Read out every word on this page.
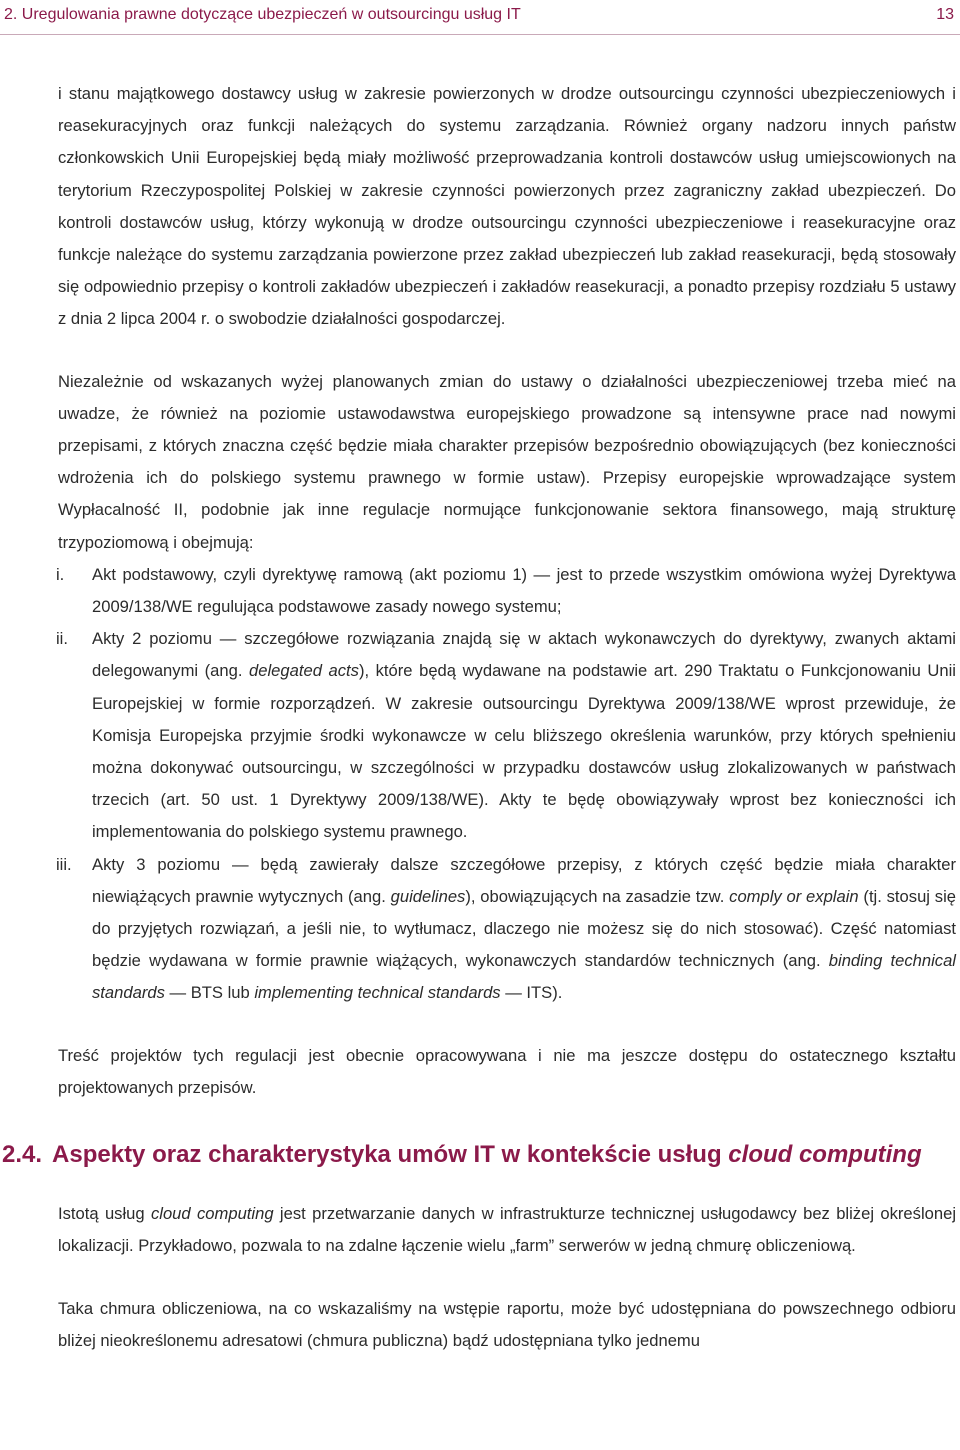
2. Uregulowania prawne dotyczące ubezpieczeń w outsourcingu usług IT	13

i stanu majątkowego dostawcy usług w zakresie powierzonych w drodze outsourcingu czynności ubezpieczeniowych i reasekuracyjnych oraz funkcji należących do systemu zarządzania. Również organy nadzoru innych państw członkowskich Unii Europejskiej będą miały możliwość przeprowadzania kontroli dostawców usług umiejscowionych na terytorium Rzeczypospolitej Polskiej w zakresie czynności powierzonych przez zagraniczny zakład ubezpieczeń. Do kontroli dostawców usług, którzy wykonują w drodze outsourcingu czynności ubezpieczeniowe i reasekuracyjne oraz funkcje należące do systemu zarządzania powierzone przez zakład ubezpieczeń lub zakład reasekuracji, będą stosowały się odpowiednio przepisy o kontroli zakładów ubezpieczeń i zakładów reasekuracji, a ponadto przepisy rozdziału 5 ustawy z dnia 2 lipca 2004 r. o swobodzie działalności gospodarczej.

Niezależnie od wskazanych wyżej planowanych zmian do ustawy o działalności ubezpieczeniowej trzeba mieć na uwadze, że również na poziomie ustawodawstwa europejskiego prowadzone są intensywne prace nad nowymi przepisami, z których znaczna część będzie miała charakter przepisów bezpośrednio obowiązujących (bez konieczności wdrożenia ich do polskiego systemu prawnego w formie ustaw). Przepisy europejskie wprowadzające system Wypłacalność II, podobnie jak inne regulacje normujące funkcjonowanie sektora finansowego, mają strukturę trzypoziomową i obejmują:

i. Akt podstawowy, czyli dyrektywę ramową (akt poziomu 1) — jest to przede wszystkim omówiona wyżej Dyrektywa 2009/138/WE regulująca podstawowe zasady nowego systemu;
ii. Akty 2 poziomu — szczegółowe rozwiązania znajdą się w aktach wykonawczych do dyrektywy, zwanych aktami delegowanymi (ang. delegated acts), które będą wydawane na podstawie art. 290 Traktatu o Funkcjonowaniu Unii Europejskiej w formie rozporządzeń. W zakresie outsourcingu Dyrektywa 2009/138/WE wprost przewiduje, że Komisja Europejska przyjmie środki wykonawcze w celu bliższego określenia warunków, przy których spełnieniu można dokonywać outsourcingu, w szczególności w przypadku dostawców usług zlokalizowanych w państwach trzecich (art. 50 ust. 1 Dyrektywy 2009/138/WE). Akty te będę obowiązywały wprost bez konieczności ich implementowania do polskiego systemu prawnego.
iii. Akty 3 poziomu — będą zawierały dalsze szczegółowe przepisy, z których część będzie miała charakter niewiążących prawnie wytycznych (ang. guidelines), obowiązujących na zasadzie tzw. comply or explain (tj. stosuj się do przyjętych rozwiązań, a jeśli nie, to wytłumacz, dlaczego nie możesz się do nich stosować). Część natomiast będzie wydawana w formie prawnie wiążących, wykonawczych standardów technicznych (ang. binding technical standards — BTS lub implementing technical standards — ITS).

Treść projektów tych regulacji jest obecnie opracowywana i nie ma jeszcze dostępu do ostatecznego kształtu projektowanych przepisów.

2.4. Aspekty oraz charakterystyka umów IT w kontekście usług cloud computing

Istotą usług cloud computing jest przetwarzanie danych w infrastrukturze technicznej usługodawcy bez bliżej określonej lokalizacji. Przykładowo, pozwala to na zdalne łączenie wielu „farm” serwerów w jedną chmurę obliczeniową.

Taka chmura obliczeniowa, na co wskazaliśmy na wstępie raportu, może być udostępniana do powszechnego odbioru bliżej nieokreślonemu adresatowi (chmura publiczna) bądź udostępniana tylko jednemu
